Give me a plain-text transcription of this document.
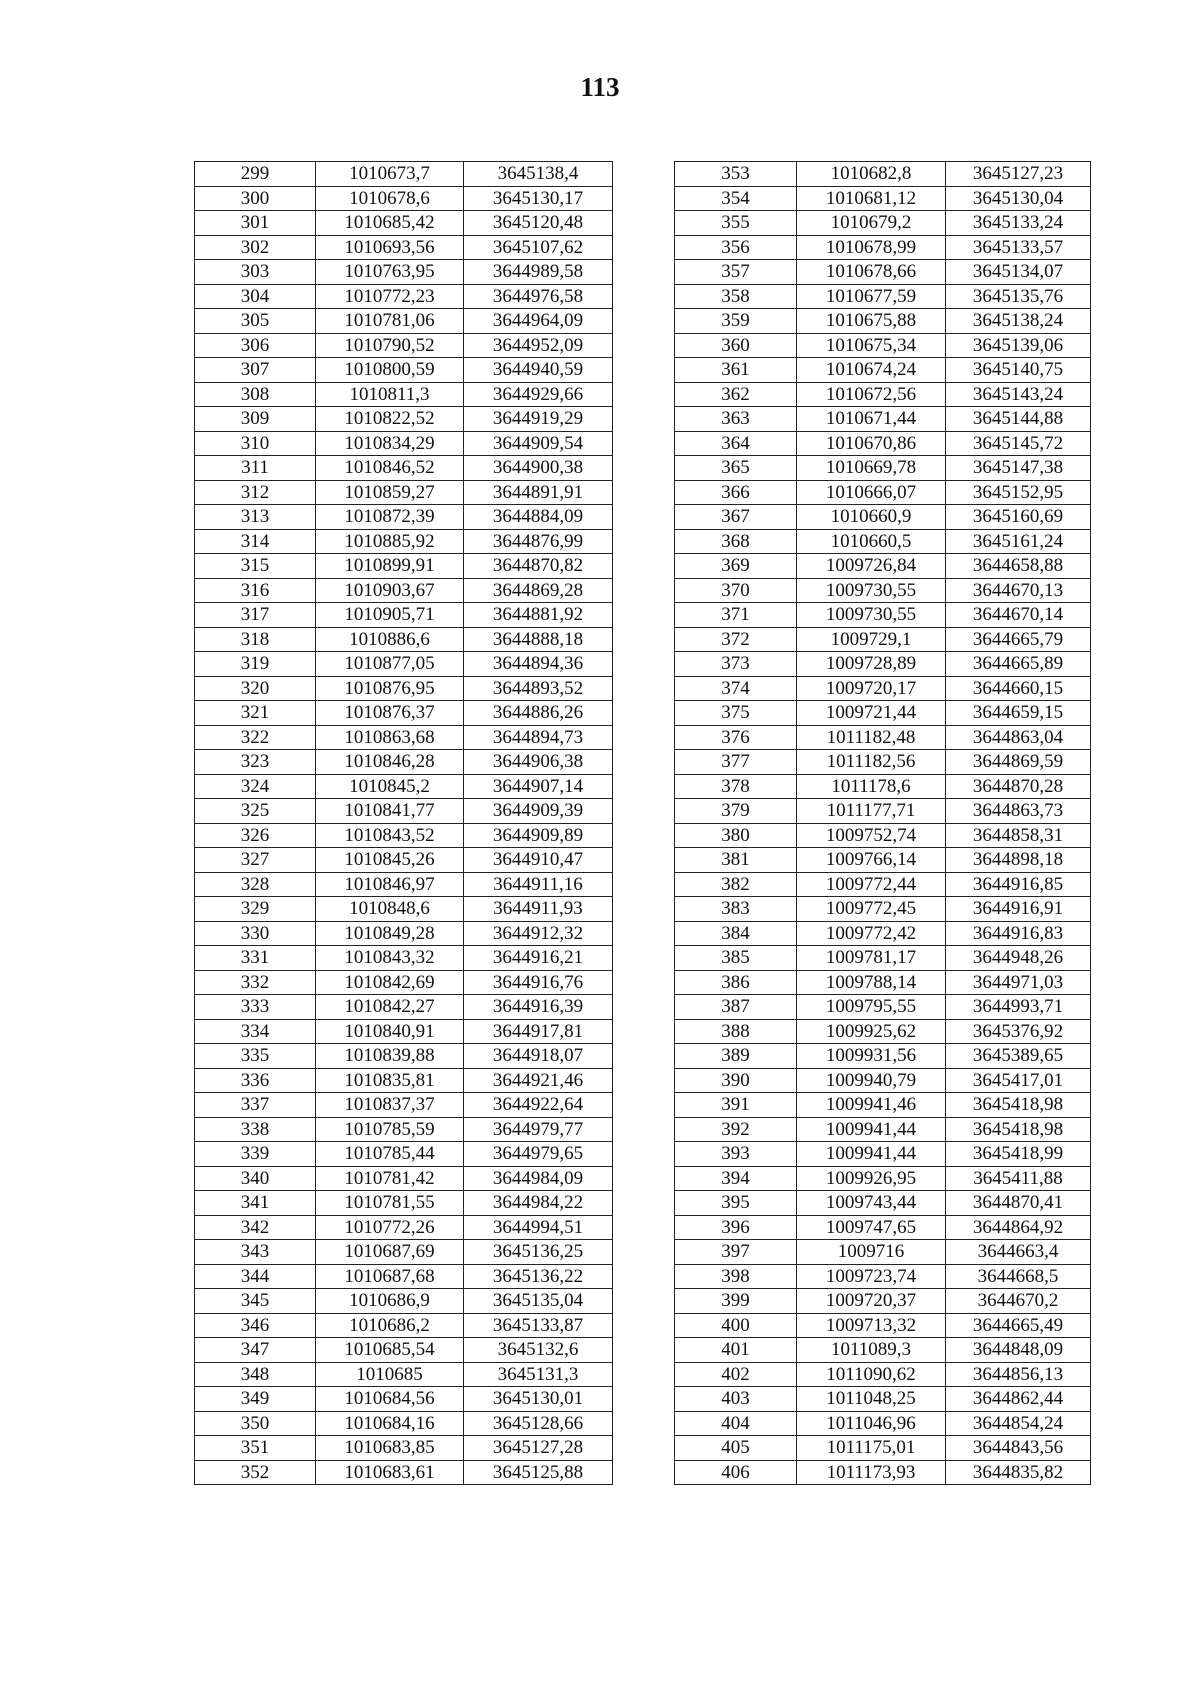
113
299	1010673,7	3645138,4
300	1010678,6	3645130,17
301	1010685,42	3645120,48
302	1010693,56	3645107,62
303	1010763,95	3644989,58
304	1010772,23	3644976,58
305	1010781,06	3644964,09
306	1010790,52	3644952,09
307	1010800,59	3644940,59
308	1010811,3	3644929,66
309	1010822,52	3644919,29
310	1010834,29	3644909,54
311	1010846,52	3644900,38
312	1010859,27	3644891,91
313	1010872,39	3644884,09
314	1010885,92	3644876,99
315	1010899,91	3644870,82
316	1010903,67	3644869,28
317	1010905,71	3644881,92
318	1010886,6	3644888,18
319	1010877,05	3644894,36
320	1010876,95	3644893,52
321	1010876,37	3644886,26
322	1010863,68	3644894,73
323	1010846,28	3644906,38
324	1010845,2	3644907,14
325	1010841,77	3644909,39
326	1010843,52	3644909,89
327	1010845,26	3644910,47
328	1010846,97	3644911,16
329	1010848,6	3644911,93
330	1010849,28	3644912,32
331	1010843,32	3644916,21
332	1010842,69	3644916,76
333	1010842,27	3644916,39
334	1010840,91	3644917,81
335	1010839,88	3644918,07
336	1010835,81	3644921,46
337	1010837,37	3644922,64
338	1010785,59	3644979,77
339	1010785,44	3644979,65
340	1010781,42	3644984,09
341	1010781,55	3644984,22
342	1010772,26	3644994,51
343	1010687,69	3645136,25
344	1010687,68	3645136,22
345	1010686,9	3645135,04
346	1010686,2	3645133,87
347	1010685,54	3645132,6
348	1010685	3645131,3
349	1010684,56	3645130,01
350	1010684,16	3645128,66
351	1010683,85	3645127,28
352	1010683,61	3645125,88
353	1010682,8	3645127,23
354	1010681,12	3645130,04
355	1010679,2	3645133,24
356	1010678,99	3645133,57
357	1010678,66	3645134,07
358	1010677,59	3645135,76
359	1010675,88	3645138,24
360	1010675,34	3645139,06
361	1010674,24	3645140,75
362	1010672,56	3645143,24
363	1010671,44	3645144,88
364	1010670,86	3645145,72
365	1010669,78	3645147,38
366	1010666,07	3645152,95
367	1010660,9	3645160,69
368	1010660,5	3645161,24
369	1009726,84	3644658,88
370	1009730,55	3644670,13
371	1009730,55	3644670,14
372	1009729,1	3644665,79
373	1009728,89	3644665,89
374	1009720,17	3644660,15
375	1009721,44	3644659,15
376	1011182,48	3644863,04
377	1011182,56	3644869,59
378	1011178,6	3644870,28
379	1011177,71	3644863,73
380	1009752,74	3644858,31
381	1009766,14	3644898,18
382	1009772,44	3644916,85
383	1009772,45	3644916,91
384	1009772,42	3644916,83
385	1009781,17	3644948,26
386	1009788,14	3644971,03
387	1009795,55	3644993,71
388	1009925,62	3645376,92
389	1009931,56	3645389,65
390	1009940,79	3645417,01
391	1009941,46	3645418,98
392	1009941,44	3645418,98
393	1009941,44	3645418,99
394	1009926,95	3645411,88
395	1009743,44	3644870,41
396	1009747,65	3644864,92
397	1009716	3644663,4
398	1009723,74	3644668,5
399	1009720,37	3644670,2
400	1009713,32	3644665,49
401	1011089,3	3644848,09
402	1011090,62	3644856,13
403	1011048,25	3644862,44
404	1011046,96	3644854,24
405	1011175,01	3644843,56
406	1011173,93	3644835,82
